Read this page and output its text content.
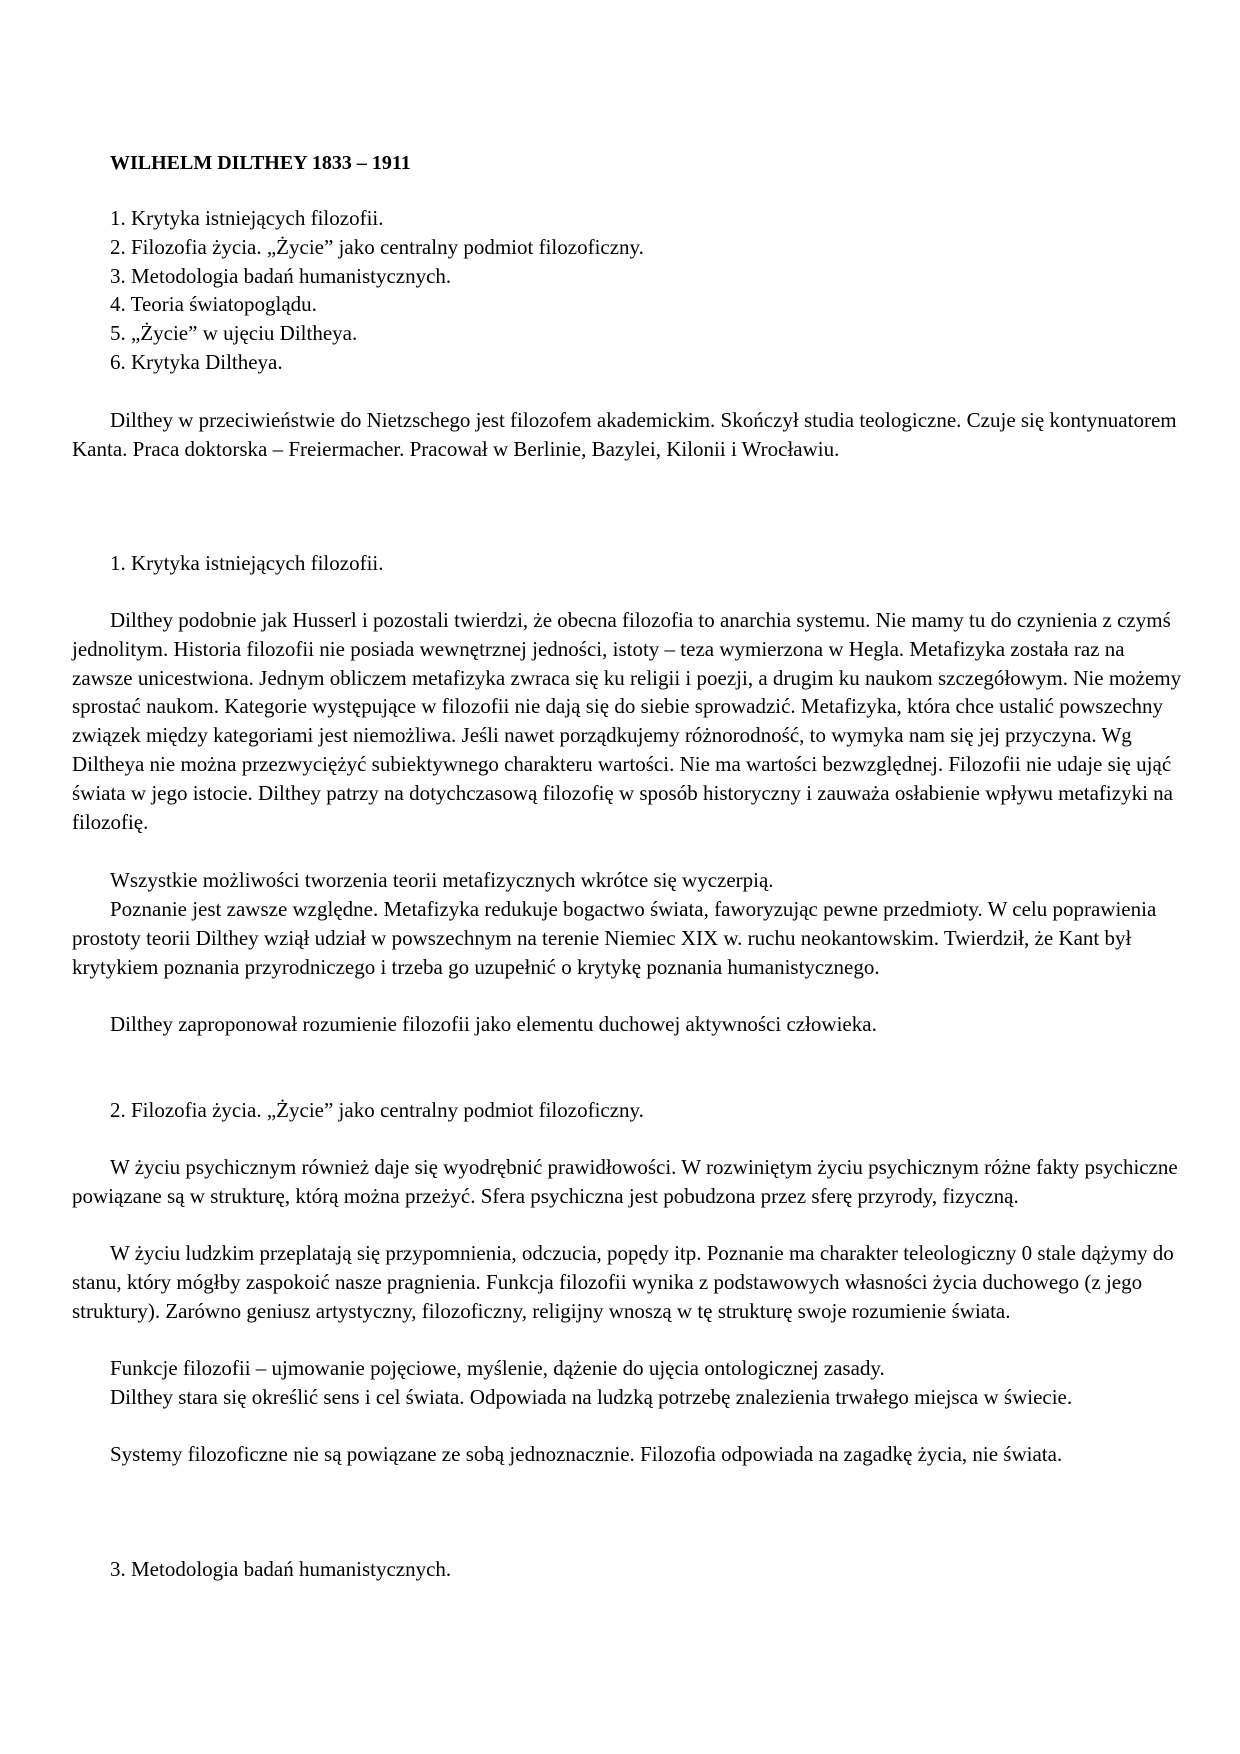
WILHELM DILTHEY 1833 – 1911
1. Krytyka istniejących filozofii.
2. Filozofia życia. „Życie” jako centralny podmiot filozoficzny.
3. Metodologia badań humanistycznych.
4. Teoria światopoglądu.
5. „Życie” w ujęciu Diltheya.
6. Krytyka Diltheya.

Dilthey w przeciwieństwie do Nietzschego jest filozofem akademickim. Skończył studia teologiczne. Czuje się kontynuatorem Kanta. Praca doktorska – Freiermacher. Pracował w Berlinie, Bazylei, Kilonii i Wrocławiu.

1. Krytyka istniejących filozofii.

Dilthey podobnie jak Husserl i pozostali twierdzi, że obecna filozofia to anarchia systemu. Nie mamy tu do czynienia z czymś jednolitym. Historia filozofii nie posiada wewnętrznej jedności, istoty – teza wymierzona w Hegla. Metafizyka została raz na zawsze unicestwiona. Jednym obliczem metafizyka zwraca się ku religii i poezji, a drugim ku naukom szczegółowym. Nie możemy sprostać naukom. Kategorie występujące w filozofii nie dają się do siebie sprowadzić. Metafizyka, która chce ustalić powszechny związek między kategoriami jest niemożliwa. Jeśli nawet porządkujemy różnorodność, to wymyka nam się jej przyczyna. Wg Diltheya nie można przezwyciężyć subiektywnego charakteru wartości. Nie ma wartości bezwzględnej. Filozofii nie udaje się ująć świata w jego istocie. Dilthey patrzy na dotychczasową filozofię w sposób historyczny i zauważa osłabienie wpływu metafizyki na filozofię.

Wszystkie możliwości tworzenia teorii metafizycznych wkrótce się wyczerpią.

Poznanie jest zawsze względne. Metafizyka redukuje bogactwo świata, faworyzując pewne przedmioty. W celu poprawienia prostoty teorii Dilthey wziął udział w powszechnym na terenie Niemiec XIX w. ruchu neokantowskim. Twierdził, że Kant był krytykiem poznania przyrodniczego i trzeba go uzupełnić o krytykę poznania humanistycznego.

Dilthey zaproponował rozumienie filozofii jako elementu duchowej aktywności człowieka.

2. Filozofia życia. „Życie” jako centralny podmiot filozoficzny.

W życiu psychicznym również daje się wyodrębnić prawidłowości. W rozwiniętym życiu psychicznym różne fakty psychiczne powiązane są w strukturę, którą można przeżyć. Sfera psychiczna jest pobudzona przez sferę przyrody, fizyczną.

W życiu ludzkim przeplatają się przypomnienia, odczucia, popędy itp. Poznanie ma charakter teleologiczny 0 stale dążymy do stanu, który mógłby zaspokoić nasze pragnienia. Funkcja filozofii wynika z podstawowych własności życia duchowego (z jego struktury). Zarówno geniusz artystyczny, filozoficzny, religijny wnoszą w tę strukturę swoje rozumienie świata.

Funkcje filozofii – ujmowanie pojęciowe, myślenie, dążenie do ujęcia ontologicznej zasady.

Dilthey stara się określić sens i cel świata. Odpowiada na ludzką potrzebę znalezienia trwałego miejsca w świecie.

Systemy filozoficzne nie są powiązane ze sobą jednoznacznie. Filozofia odpowiada na zagadkę życia, nie świata.

3. Metodologia badań humanistycznych.
